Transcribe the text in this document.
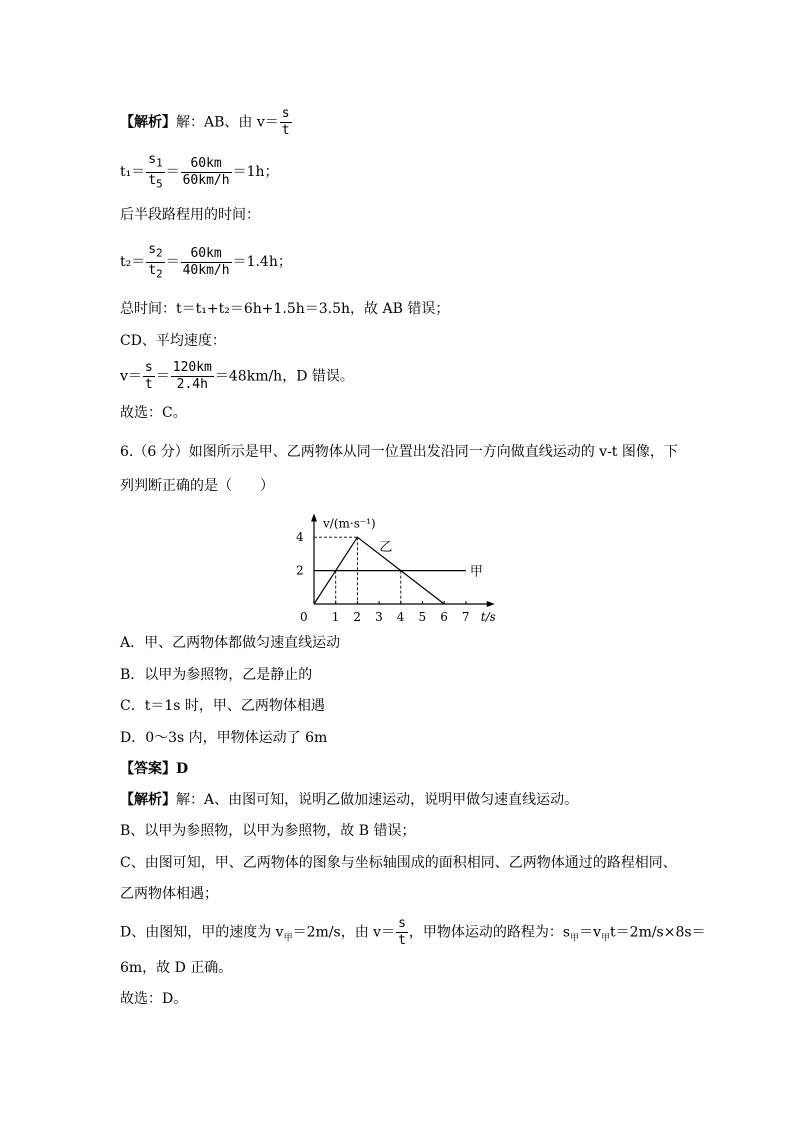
【解析】解：AB、由 $v= \frac{s}{t}$
$t_1= \frac{s_1}{t_5} = \frac{60km}{60km/h} =1h$；
后半段路程用的时间：
$t_2= \frac{s_2}{t_2} = \frac{60km}{40km/h} =1.4h$；
总时间：t＝t₁+t₂＝6h+1.5h＝3.5h，故 AB 错误；
CD、平均速度：
$v= \frac{s}{t} = \frac{120km}{2.4h} =48km/h$，D 错误。
故选：C。
6.（6 分）如图所示是甲、乙两物体从同一位置出发沿同一方向做直线运动的 v-t 图像，下
列判断正确的是（　　）
v/(m·s⁻¹)
t/s
0 1 2 3 4 5 6 7
2
4
甲
乙
A．甲、乙两物体都做匀速直线运动
B．以甲为参照物，乙是静止的
C．t＝1s 时，甲、乙两物体相遇
D．0～3s 内，甲物体运动了 6m
【答案】D
【解析】解：A、由图可知，说明乙做加速运动，说明甲做匀速直线运动。
B、以甲为参照物，以甲为参照物，故 B 错误；
C、由图可知，甲、乙两物体的图象与坐标轴围成的面积相同、乙两物体通过的路程相同、
乙两物体相遇；
D、由图知，甲的速度为 $v_甲=2m/s$，由 $v= \frac{s}{t}$ ，甲物体运动的路程为：$s_甲=v_甲t=2m/s\times 8s=$
6m，故 D 正确。
故选：D。
